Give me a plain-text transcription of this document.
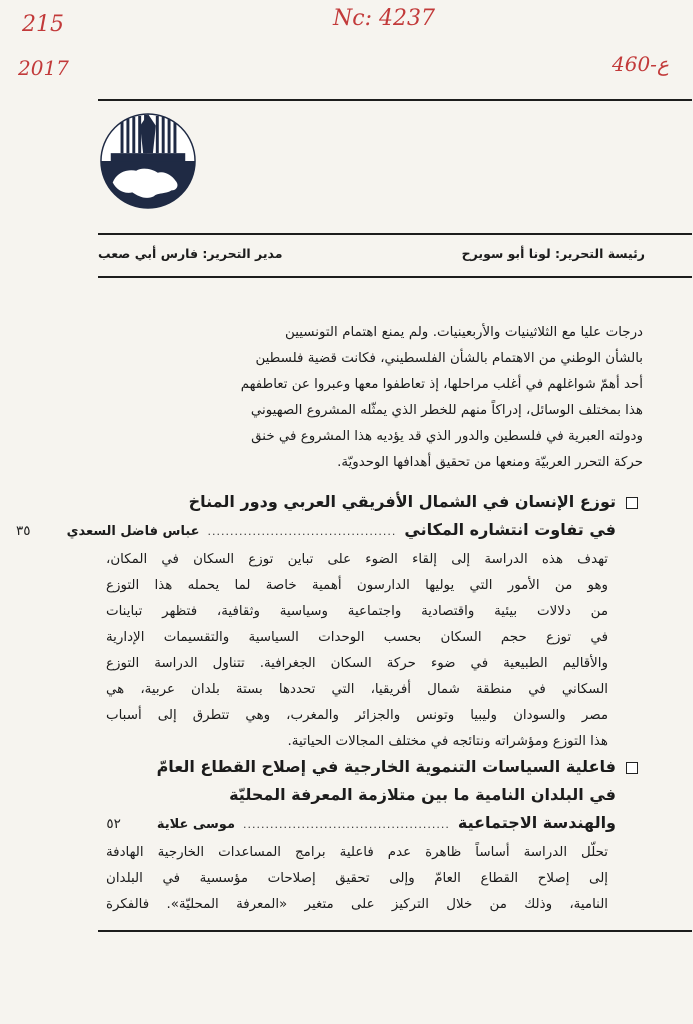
215
2017
Nc: 4237
460-ع
رئيسة التحرير: لونا أبو سويرح
مدير التحرير: فارس أبي صعب
درجات عليا مع الثلاثينيات والأربعينيات. ولم يمنع اهتمام التونسيين
بالشأن الوطني من الاهتمام بالشأن الفلسطيني، فكانت قضية فلسطين
أحد أهمّ شواغلهم في أغلب مراحلها، إذ تعاطفوا معها وعبروا عن تعاطفهم
هذا بمختلف الوسائل، إدراكاً منهم للخطر الذي يمثّله المشروع الصهيوني
ودولته العبرية في فلسطين والدور الذي قد يؤديه هذا المشروع في خنق
حركة التحرر العربيّة ومنعها من تحقيق أهدافها الوحدويّة.
توزع الإنسان في الشمال الأفريقي العربي ودور المناخ
في تفاوت انتشاره المكاني
..........................................
عباس فاضل السعدي
٣٥
تهدف هذه الدراسة إلى إلقاء الضوء على تباين توزع السكان في المكان،
وهو من الأمور التي يوليها الدارسون أهمية خاصة لما يحمله هذا التوزع
من دلالات بيئية واقتصادية واجتماعية وسياسية وثقافية، فتظهر تباينات
في توزع حجم السكان بحسب الوحدات السياسية والتقسيمات الإدارية
والأقاليم الطبيعية في ضوء حركة السكان الجغرافية. تتناول الدراسة التوزع
السكاني في منطقة شمال أفريقيا، التي تحددها بستة بلدان عربية، هي
مصر والسودان وليبيا وتونس والجزائر والمغرب، وهي تتطرق إلى أسباب
هذا التوزع ومؤشراته ونتائجه في مختلف المجالات الحياتية.
فاعلية السياسات التنموية الخارجية في إصلاح القطاع العامّ
في البلدان النامية ما بين متلازمة المعرفة المحليّة
والهندسة الاجتماعية
..............................................
موسى علاية
٥٢
تحلّل الدراسة أساساً ظاهرة عدم فاعلية برامج المساعدات الخارجية الهادفة
إلى إصلاح القطاع العامّ وإلى تحقيق إصلاحات مؤسسية في البلدان
النامية، وذلك من خلال التركيز على متغير «المعرفة المحليّة». فالفكرة
